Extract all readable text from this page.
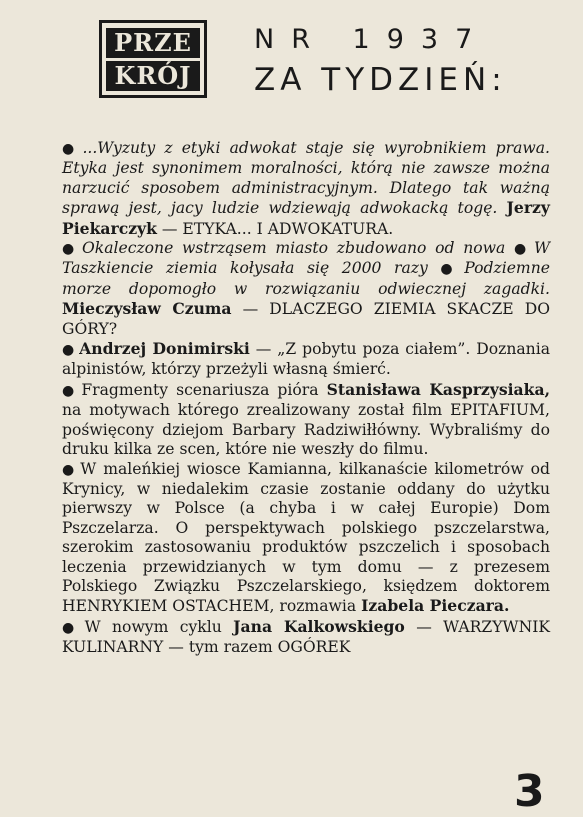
PRZE
KRÓJ
NR 1937
ZA TYDZIEŃ:

● ...Wyzuty z etyki adwokat staje się wyrobnikiem prawa. Etyka jest synonimem moralności, którą nie zawsze można narzucić sposobem administracyjnym. Dlatego tak ważną sprawą jest, jacy ludzie wdziewają adwokacką togę. Jerzy Piekarczyk — ETYKA... I ADWOKATURA.

● Okaleczone wstrząsem miasto zbudowano od nowa ● W Taszkiencie ziemia kołysała się 2000 razy ● Podziemne morze dopomogło w rozwiązaniu odwiecznej zagadki. Mieczysław Czuma — DLACZEGO ZIEMIA SKACZE DO GÓRY?

● Andrzej Donimirski — „Z pobytu poza ciałem”. Doznania alpinistów, którzy przeżyli własną śmierć.

● Fragmenty scenariusza pióra Stanisława Kasprzysiaka, na motywach którego zrealizowany został film EPITAFIUM, poświęcony dziejom Barbary Radziwiłłówny. Wybraliśmy do druku kilka ze scen, które nie weszły do filmu.

● W maleńkiej wiosce Kamianna, kilkanaście kilometrów od Krynicy, w niedalekim czasie zostanie oddany do użytku pierwszy w Polsce (a chyba i w całej Europie) Dom Pszczelarza. O perspektywach polskiego pszczelarstwa, szerokim zastosowaniu produktów pszczelich i sposobach leczenia przewidzianych w tym domu — z prezesem Polskiego Związku Pszczelarskiego, księdzem doktorem HENRYKIEM OSTACHEM, rozmawia Izabela Pieczara.

● W nowym cyklu Jana Kalkowskiego — WARZYWNIK KULINARNY — tym razem OGÓREK

3
